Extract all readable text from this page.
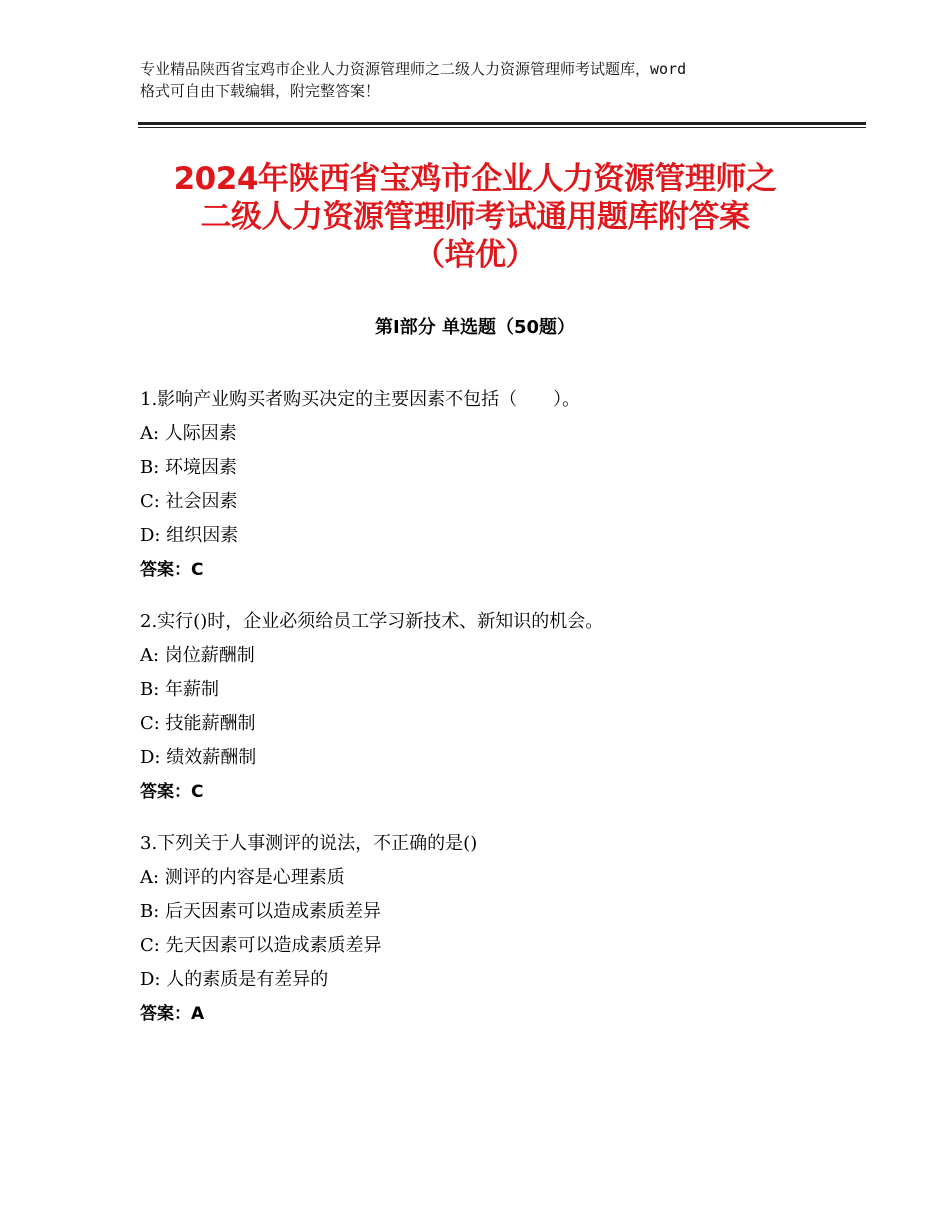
专业精品陕西省宝鸡市企业人力资源管理师之二级人力资源管理师考试题库，word
格式可自由下载编辑，附完整答案！
2024年陕西省宝鸡市企业人力资源管理师之
二级人力资源管理师考试通用题库附答案
（培优）
第Ⅰ部分 单选题（50题）
1.影响产业购买者购买决定的主要因素不包括（　　）。
A: 人际因素
B: 环境因素
C: 社会因素
D: 组织因素
答案：C
2.实行()时，企业必须给员工学习新技术、新知识的机会。
A: 岗位薪酬制
B: 年薪制
C: 技能薪酬制
D: 绩效薪酬制
答案：C
3.下列关于人事测评的说法，不正确的是()
A: 测评的内容是心理素质
B: 后天因素可以造成素质差异
C: 先天因素可以造成素质差异
D: 人的素质是有差异的
答案：A
